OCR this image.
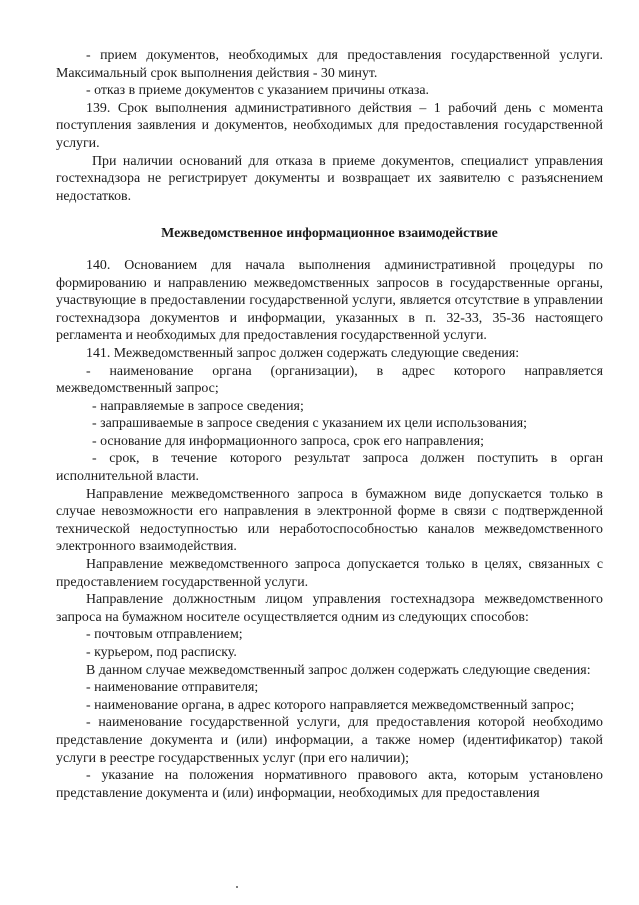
- прием документов, необходимых для предоставления государственной услуги. Максимальный срок выполнения действия - 30 минут.

- отказ в приеме документов с указанием причины отказа.

139. Срок выполнения административного действия – 1 рабочий день с момента поступления заявления и документов, необходимых для предоставления государственной услуги.

При наличии оснований для отказа в приеме документов, специалист управления гостехнадзора не регистрирует документы и возвращает их заявителю с разъяснением недостатков.

Межведомственное информационное взаимодействие

140. Основанием для начала выполнения административной процедуры по формированию и направлению межведомственных запросов в государственные органы, участвующие в предоставлении государственной услуги, является отсутствие в управлении гостехнадзора документов и информации, указанных в п. 32-33, 35-36 настоящего регламента и необходимых для предоставления государственной услуги.

141. Межведомственный запрос должен содержать следующие сведения:

- наименование органа (организации), в адрес которого направляется межведомственный запрос;

- направляемые в запросе сведения;

- запрашиваемые в запросе сведения с указанием их цели использования;

- основание для информационного запроса, срок его направления;

- срок, в течение которого результат запроса должен поступить в орган исполнительной власти.

Направление межведомственного запроса в бумажном виде допускается только в случае невозможности его направления в электронной форме в связи с подтвержденной технической недоступностью или неработоспособностью каналов межведомственного электронного взаимодействия.

Направление межведомственного запроса допускается только в целях, связанных с предоставлением государственной услуги.

Направление должностным лицом управления гостехнадзора межведомственного запроса на бумажном носителе осуществляется одним из следующих способов:

- почтовым отправлением;

- курьером, под расписку.

В данном случае межведомственный запрос должен содержать следующие сведения:

- наименование отправителя;

- наименование органа, в адрес которого направляется межведомственный запрос;

- наименование государственной услуги, для предоставления которой необходимо представление документа и (или) информации, а также номер (идентификатор) такой услуги в реестре государственных услуг (при его наличии);

- указание на положения нормативного правового акта, которым установлено представление документа и (или) информации, необходимых для предоставления
